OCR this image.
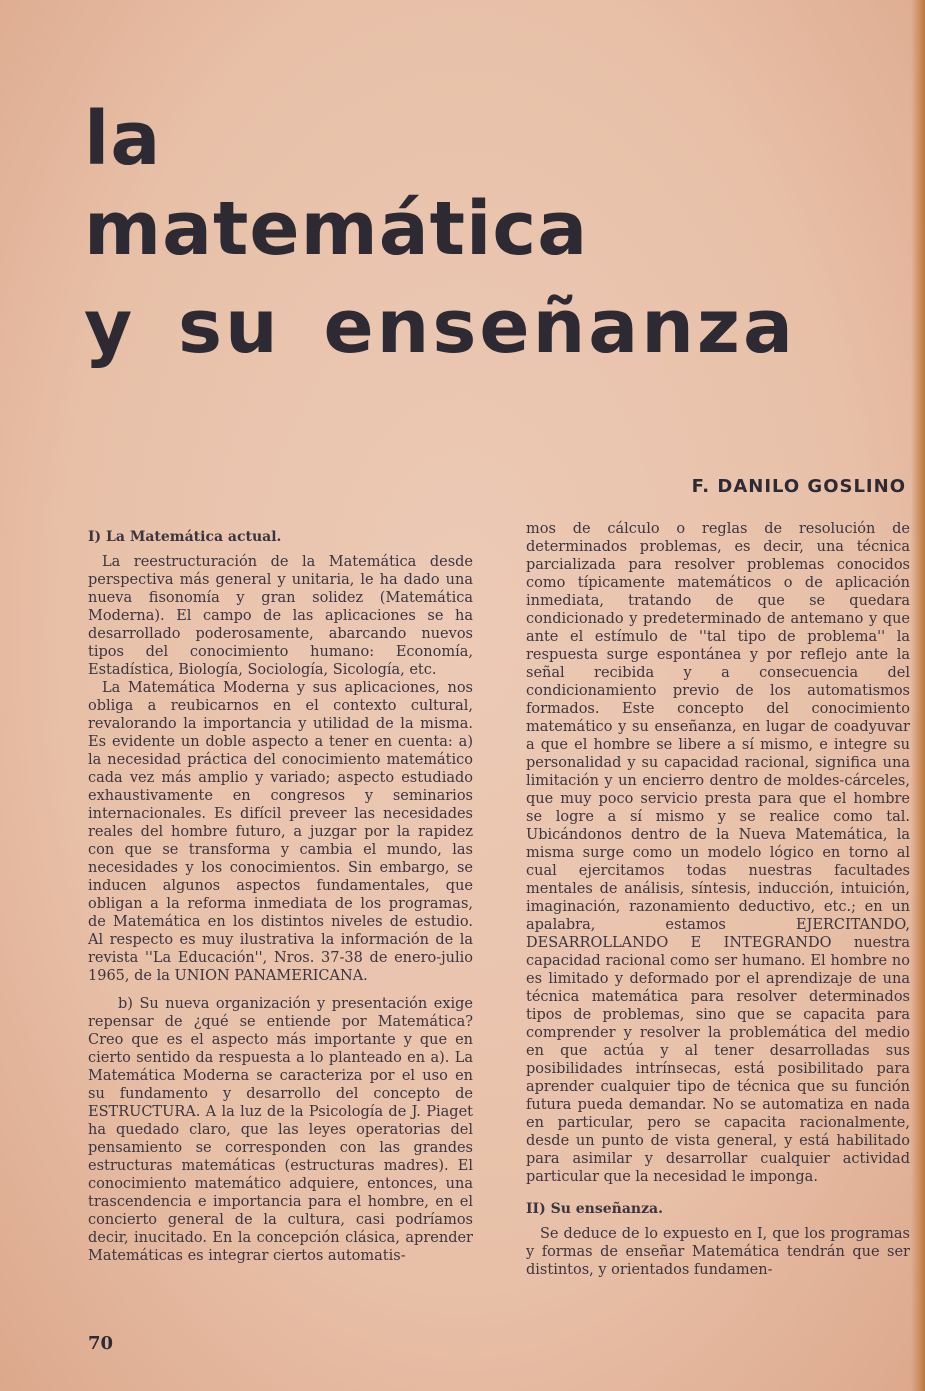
la
matemática
y su enseñanza
F. DANILO GOSLINO
I) La Matemática actual.

La reestructuración de la Matemática desde perspectiva más general y unitaria, le ha dado una nueva fisonomía y gran solidez (Matemática Moderna). El campo de las aplicaciones se ha desarrollado poderosamente, abarcando nuevos tipos del conocimiento humano: Economía, Estadística, Biología, Sociología, Sicología, etc.

La Matemática Moderna y sus aplicaciones, nos obliga a reubicarnos en el contexto cultural, revalorando la importancia y utilidad de la misma. Es evidente un doble aspecto a tener en cuenta: a) la necesidad práctica del conocimiento matemático cada vez más amplio y variado; aspecto estudiado exhaustivamente en congresos y seminarios internacionales. Es difícil preveer las necesidades reales del hombre futuro, a juzgar por la rapidez con que se transforma y cambia el mundo, las necesidades y los conocimientos. Sin embargo, se inducen algunos aspectos fundamentales, que obligan a la reforma inmediata de los programas, de Matemática en los distintos niveles de estudio. Al respecto es muy ilustrativa la información de la revista ''La Educación'', Nros. 37-38 de enero-julio 1965, de la UNION PANAMERICANA.

b) Su nueva organización y presentación exige repensar de ¿qué se entiende por Matemática? Creo que es el aspecto más importante y que en cierto sentido da respuesta a lo planteado en a). La Matemática Moderna se caracteriza por el uso en su fundamento y desarrollo del concepto de ESTRUCTURA. A la luz de la Psicología de J. Piaget ha quedado claro, que las leyes operatorias del pensamiento se corresponden con las grandes estructuras matemáticas (estructuras madres). El conocimiento matemático adquiere, entonces, una trascendencia e importancia para el hombre, en el concierto general de la cultura, casi podríamos decir, inucitado. En la concepción clásica, aprender Matemáticas es integrar ciertos automatis-

mos de cálculo o reglas de resolución de determinados problemas, es decir, una técnica parcializada para resolver problemas conocidos como típicamente matemáticos o de aplicación inmediata, tratando de que se quedara condicionado y predeterminado de antemano y que ante el estímulo de ''tal tipo de problema'' la respuesta surge espontánea y por reflejo ante la señal recibida y a consecuencia del condicionamiento previo de los automatismos formados. Este concepto del conocimiento matemático y su enseñanza, en lugar de coadyuvar a que el hombre se libere a sí mismo, e integre su personalidad y su capacidad racional, significa una limitación y un encierro dentro de moldes-cárceles, que muy poco servicio presta para que el hombre se logre a sí mismo y se realice como tal. Ubicándonos dentro de la Nueva Matemática, la misma surge como un modelo lógico en torno al cual ejercitamos todas nuestras facultades mentales de análisis, síntesis, inducción, intuición, imaginación, razonamiento deductivo, etc.; en un apalabra, estamos EJERCITANDO, DESARROLLANDO E INTEGRANDO nuestra capacidad racional como ser humano. El hombre no es limitado y deformado por el aprendizaje de una técnica matemática para resolver determinados tipos de problemas, sino que se capacita para comprender y resolver la problemática del medio en que actúa y al tener desarrolladas sus posibilidades intrínsecas, está posibilitado para aprender cualquier tipo de técnica que su función futura pueda demandar. No se automatiza en nada en particular, pero se capacita racionalmente, desde un punto de vista general, y está habilitado para asimilar y desarrollar cualquier actividad particular que la necesidad le imponga.

II) Su enseñanza.

Se deduce de lo expuesto en I, que los programas y formas de enseñar Matemática tendrán que ser distintos, y orientados fundamen-

70
